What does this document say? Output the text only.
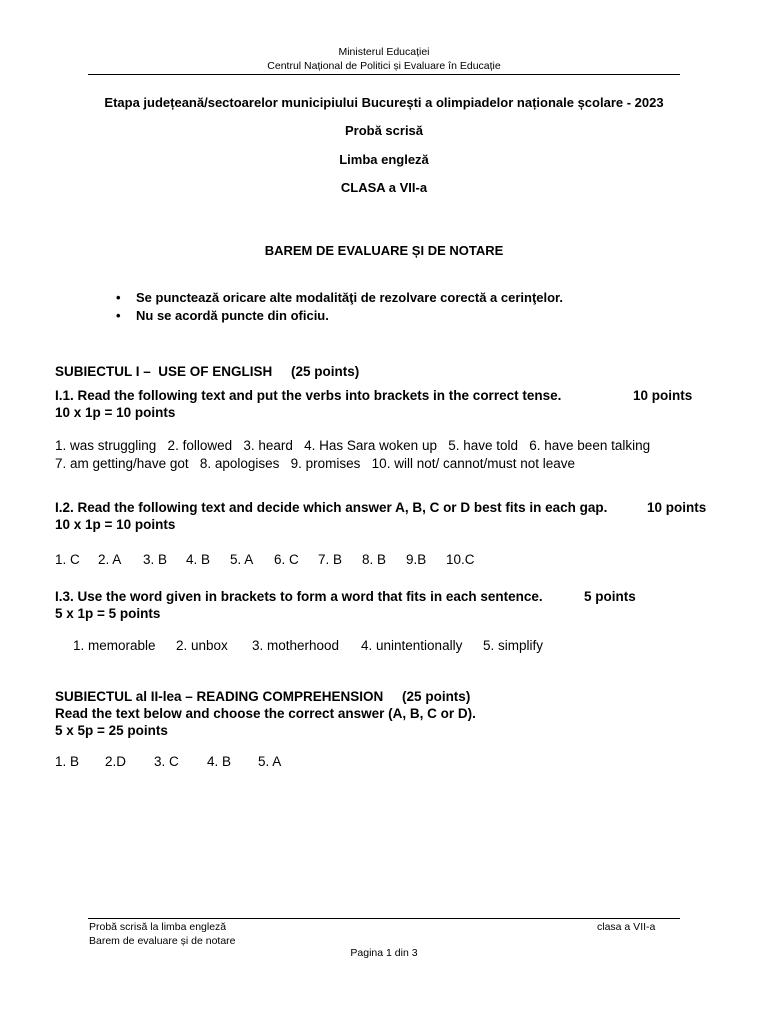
Ministerul Educației
Centrul Național de Politici și Evaluare în Educație
Etapa județeană/sectoarelor municipiului București a olimpiadelor naționale școlare - 2023
Probă scrisă
Limba engleză
CLASA a VII-a
BAREM DE EVALUARE ȘI DE NOTARE
• Se punctează oricare alte modalităţi de rezolvare corectă a cerinţelor.
• Nu se acordă puncte din oficiu.
SUBIECTUL I –  USE OF ENGLISH     (25 points)
I.1. Read the following text and put the verbs into brackets in the correct tense.	10 points
10 x 1p = 10 points
1. was struggling   2. followed   3. heard   4. Has Sara woken up   5. have told   6. have been talking
7. am getting/have got   8. apologises   9. promises   10. will not/ cannot/must not leave
I.2. Read the following text and decide which answer A, B, C or D best fits in each gap.	10 points
10 x 1p = 10 points
1. C 2. A 3. B 4. B 5. A 6. C 7. B 8. B 9.B 10.C
I.3. Use the word given in brackets to form a word that fits in each sentence.	5 points
5 x 1p = 5 points
1. memorable 2. unbox 3. motherhood 4. unintentionally 5. simplify
SUBIECTUL al II-lea – READING COMPREHENSION     (25 points)
Read the text below and choose the correct answer (A, B, C or D).
5 x 5p = 25 points
1. B 2.D 3. C 4. B 5. A
Probă scrisă la limba engleză
Barem de evaluare și de notare
clasa a VII-a
Pagina 1 din 3
